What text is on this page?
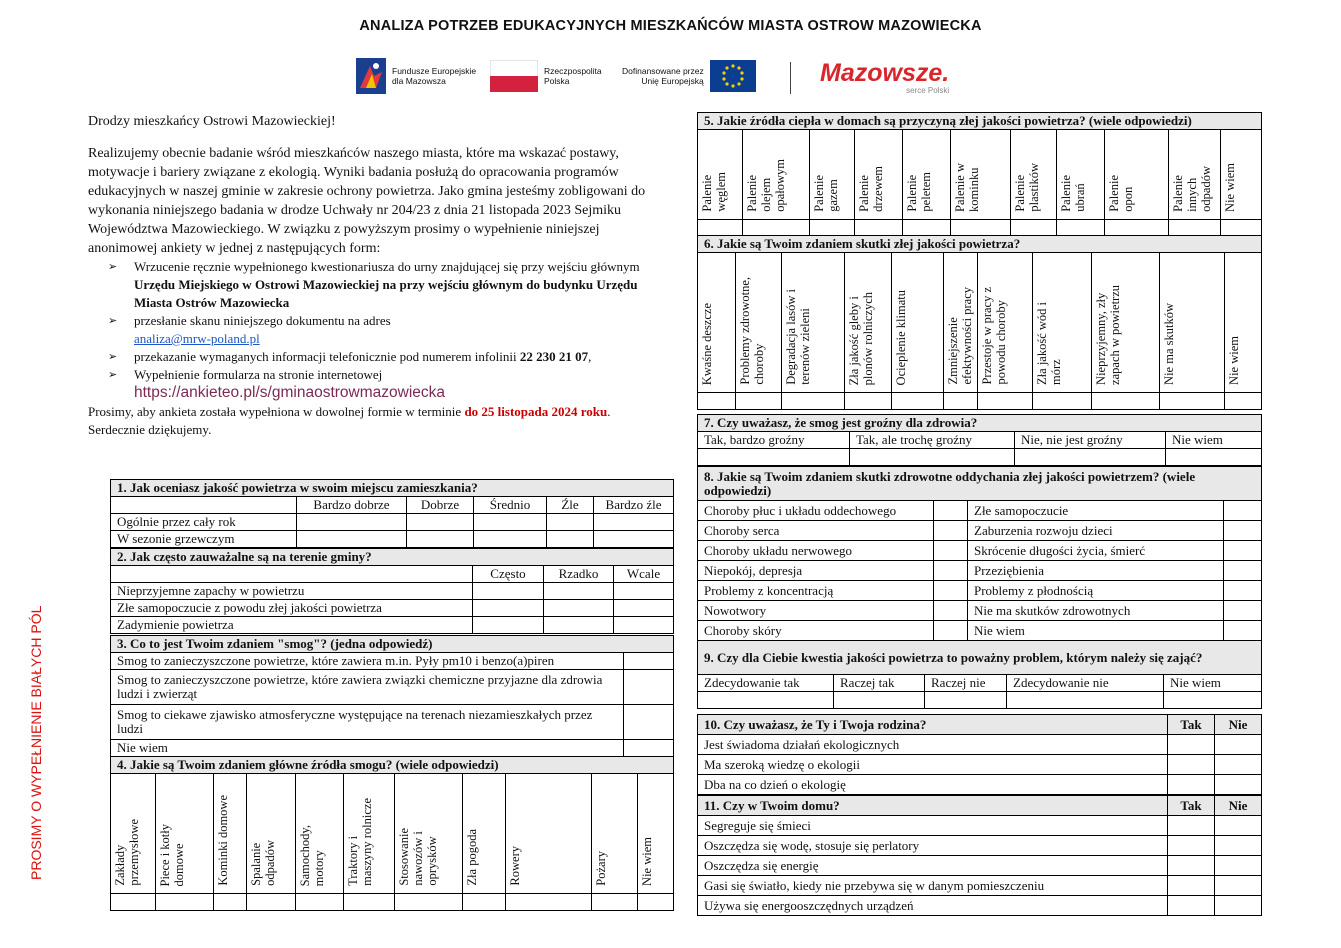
ANALIZA POTRZEB EDUKACYJNYCH MIESZKAŃCÓW MIASTA OSTROW MAZOWIECKA
Fundusze Europejskie
dla Mazowsza
Rzeczpospolita
Polska
Dofinansowane przez
Unię Europejską	Mazowsze.
serce Polski
PROSIMY O WYPEŁNIENIE BIAŁYCH PÓL

Drodzy mieszkańcy Ostrowi Mazowieckiej!

Realizujemy obecnie badanie wśród mieszkańców naszego miasta, które ma wskazać postawy, motywacje i bariery związane z ekologią. Wyniki badania posłużą do opracowania programów edukacyjnych w naszej gminie w zakresie ochrony powietrza. Jako gmina jesteśmy zobligowani do wykonania niniejszego badania w drodze Uchwały nr 204/23 z dnia 21 listopada 2023 Sejmiku Województwa Mazowieckiego. W związku z powyższym prosimy o wypełnienie niniejszej anonimowej ankiety w jednej z następujących form:

➢ Wrzucenie ręcznie wypełnionego kwestionariusza do urny znajdującej się przy wejściu głównym Urzędu Miejskiego w Ostrowi Mazowieckiej na przy wejściu głównym do budynku Urzędu Miasta Ostrów Mazowiecka
➢ przesłanie skanu niniejszego dokumentu na adres
analiza@mrw-poland.pl
➢ przekazanie wymaganych informacji telefonicznie pod numerem infolinii 22 230 21 07,
➢ Wypełnienie formularza na stronie internetowej
https://ankieteo.pl/s/gminaostrowmazowiecka

Prosimy, aby ankieta została wypełniona w dowolnej formie w terminie do 25 listopada 2024 roku. Serdecznie dziękujemy.

1. Jak oceniasz jakość powietrza w swoim miejscu zamieszkania?					
	Bardzo dobrze	Dobrze	Średnio	Źle	Bardzo źle
Ogólnie przez cały rok					
W sezonie grzewczym					
2. Jak często zauważalne są na terenie gminy?			
	Często	Rzadko	Wcale
Nieprzyjemne zapachy w powietrzu			
Złe samopoczucie z powodu złej jakości powietrza			
Zadymienie powietrza			
3. Co to jest Twoim zdaniem "smog"? (jedna odpowiedź)	
Smog to zanieczyszczone powietrze, które zawiera m.in. Pyły pm10 i benzo(a)piren	
Smog to zanieczyszczone powietrze, które zawiera związki chemiczne przyjazne dla zdrowia ludzi i zwierząt	
Smog to ciekawe zjawisko atmosferyczne występujące na terenach niezamieszkałych przez ludzi	
Nie wiem	
4. Jakie są Twoim zdaniem główne źródła smogu? (wiele odpowiedzi)										
Zakłady
przemysłowe	Piece i kotły
domowe	Kominki domowe	Spalanie
odpadów	Samochody,
motory	Traktory i
maszyny rolnicze	Stosowanie
nawozów i
oprysków	Zła pogoda	Rowery	Pożary	Nie wiem

5. Jakie źródła ciepła w domach są przyczyną złej jakości powietrza? (wiele odpowiedzi)										
Palenie
węglem	Palenie
olejem
opałowym	Palenie
gazem	Palenie
drzewem	Palenie
peletem	Palenie w
kominku	Palenie
plastików	Palenie
ubrań	Palenie
opon	Palenie
innych
odpadów	Nie wiem

6. Jakie są Twoim zdaniem skutki złej jakości powietrza?										
Kwaśne deszcze	Problemy zdrowotne,
choroby	Degradacja lasów i
terenów zieleni	Zła jakość gleby i
plonów rolniczych	Ocieplenie klimatu	Zmniejszenie
efektywności pracy	Przestoje w pracy z
powodu choroby	Zła jakość wód i
mórz	Nieprzyjemny, zły
zapach w powietrzu	Nie ma skutków	Nie wiem

7. Czy uważasz, że smog jest groźny dla zdrowia?			
Tak, bardzo groźny	Tak, ale trochę groźny	Nie, nie jest groźny	Nie wiem

8. Jakie są Twoim zdaniem skutki zdrowotne oddychania złej jakości powietrzem? (wiele odpowiedzi)			
Choroby płuc i układu oddechowego		Złe samopoczucie	
Choroby serca		Zaburzenia rozwoju dzieci	
Choroby układu nerwowego		Skrócenie długości życia, śmierć	
Niepokój, depresja		Przeziębienia	
Problemy z koncentracją		Problemy z płodnością	
Nowotwory		Nie ma skutków zdrowotnych	
Choroby skóry		Nie wiem	
9. Czy dla Ciebie kwestia jakości powietrza to poważny problem, którym należy się zająć?				
Zdecydowanie tak	Raczej tak	Raczej nie	Zdecydowanie nie	Nie wiem

10. Czy uważasz, że Ty i Twoja rodzina?	Tak	Nie
Jest świadoma działań ekologicznych		
Ma szeroką wiedzę o ekologii		
Dba na co dzień o ekologię		
11. Czy w Twoim domu?	Tak	Nie
Segreguje się śmieci		
Oszczędza się wodę, stosuje się perlatory		
Oszczędza się energię		
Gasi się światło, kiedy nie przebywa się w danym pomieszczeniu		
Używa się energooszczędnych urządzeń		
